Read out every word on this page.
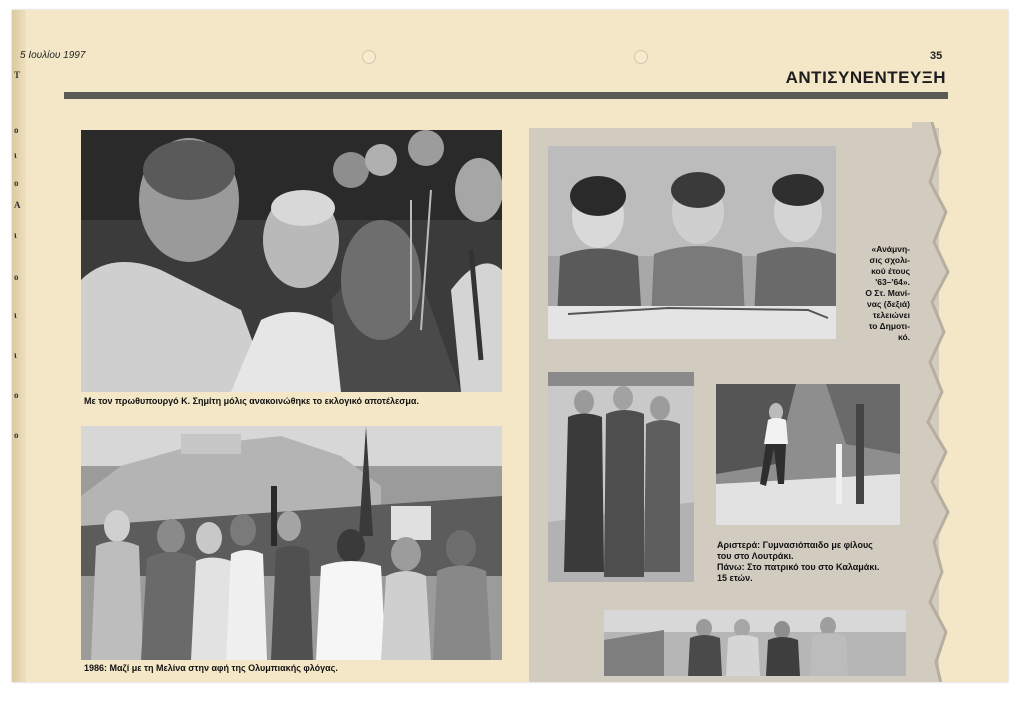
Τ
ο
ι
ο
Α
ι
ο
ι
ι
ο
ο
5 Ιουλίου 1997	35
ΑΝΤΙΣΥΝΕΝΤΕΥΞΗ
Με τον πρωθυπουργό Κ. Σημίτη μόλις ανακοινώθηκε το εκλογικό αποτέλεσμα.
1986: Μαζί με τη Μελίνα στην αφή της Ολυμπιακής φλόγας.
«Ανάμνη-
σις σχολι-
κού έτους
'63–'64».
Ο Στ. Μανί-
νας (δεξιά)
τελειώνει
το Δημοτι-
κό.
Αριστερά: Γυμνασιόπαιδο με φίλους
του στο Λουτράκι.
Πάνω: Στο πατρικό του στο Καλαμάκι.
15 ετών.
